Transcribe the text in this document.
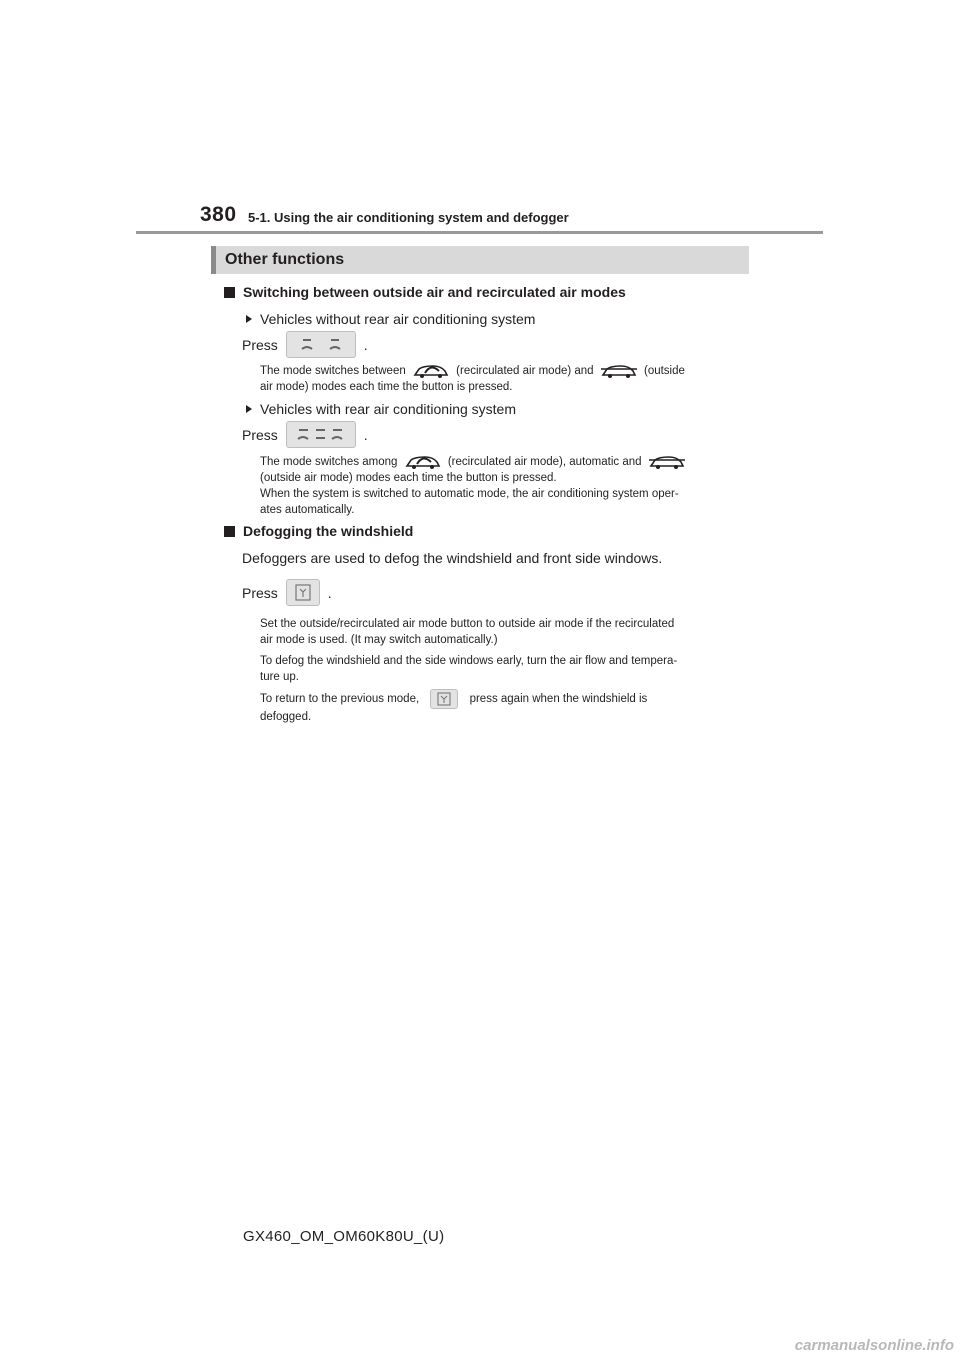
380 5-1. Using the air conditioning system and defogger
Other functions
Switching between outside air and recirculated air modes
Vehicles without rear air conditioning system
Press	.
The mode switches between	(recirculated air mode) and	(outside
air mode) modes each time the button is pressed.
Vehicles with rear air conditioning system
Press	.
The mode switches among	(recirculated air mode), automatic and
(outside air mode) modes each time the button is pressed.
When the system is switched to automatic mode, the air conditioning system oper-
ates automatically.
Defogging the windshield
Defoggers are used to defog the windshield and front side windows.
Press	.
Set the outside/recirculated air mode button to outside air mode if the recirculated
air mode is used. (It may switch automatically.)
To defog the windshield and the side windows early, turn the air flow and tempera-
ture up.
To return to the previous mode,	press again when the windshield is
defogged.
GX460_OM_OM60K80U_(U)
carmanualsonline.info
